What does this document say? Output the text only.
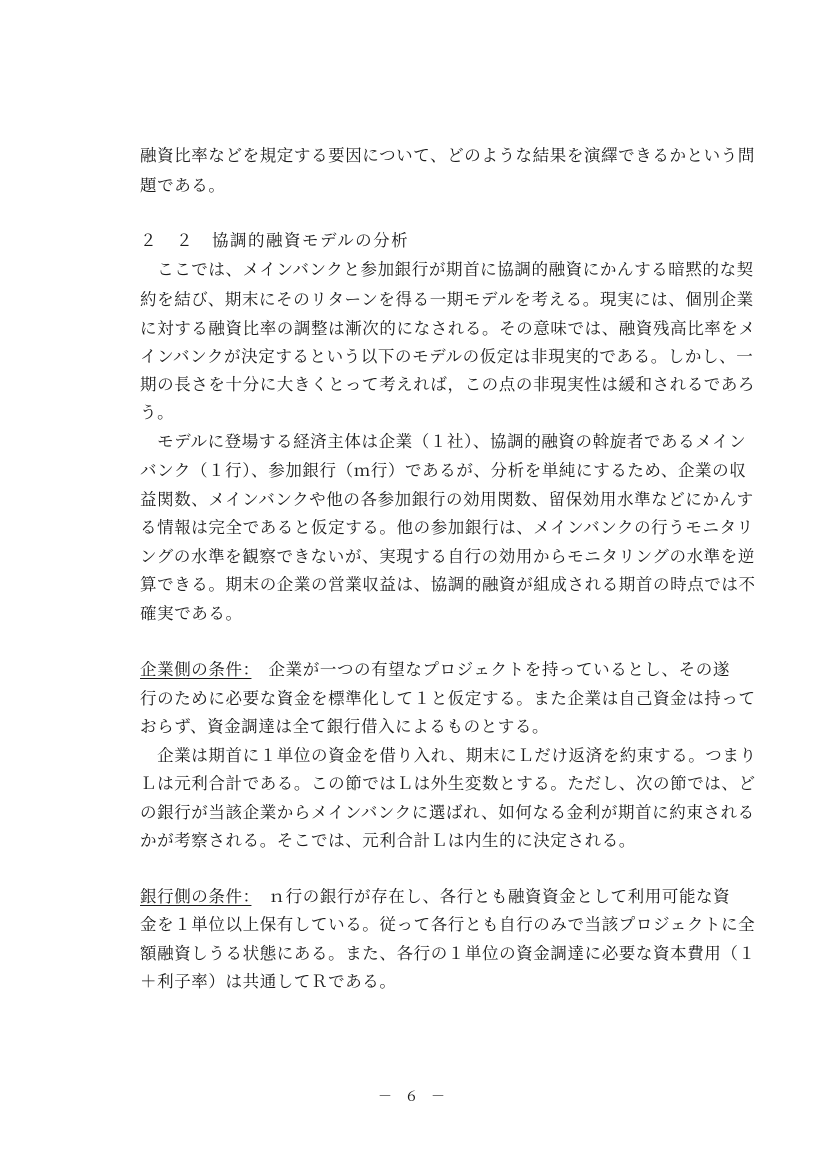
融資比率などを規定する要因について、どのような結果を演繹できるかという問
題である。
２　２　協調的融資モデルの分析
　ここでは、メインバンクと参加銀行が期首に協調的融資にかんする暗黙的な契
約を結び、期末にそのリターンを得る一期モデルを考える。現実には、個別企業
に対する融資比率の調整は漸次的になされる。その意味では、融資残高比率をメ
インバンクが決定するという以下のモデルの仮定は非現実的である。しかし、一
期の長さを十分に大きくとって考えれば，この点の非現実性は緩和されるであろ
う。
　モデルに登場する経済主体は企業（１社）、協調的融資の斡旋者であるメイン
バンク（１行）、参加銀行（ｍ行）であるが、分析を単純にするため、企業の収
益関数、メインバンクや他の各参加銀行の効用関数、留保効用水準などにかんす
る情報は完全であると仮定する。他の参加銀行は、メインバンクの行うモニタリ
ングの水準を観察できないが、実現する自行の効用からモニタリングの水準を逆
算できる。期末の企業の営業収益は、協調的融資が組成される期首の時点では不
確実である。
企業側の条件：　企業が一つの有望なプロジェクトを持っているとし、その遂
行のために必要な資金を標準化して１と仮定する。また企業は自己資金は持って
おらず、資金調達は全て銀行借入によるものとする。
　企業は期首に１単位の資金を借り入れ、期末にＬだけ返済を約束する。つまり
Ｌは元利合計である。この節ではＬは外生変数とする。ただし、次の節では、ど
の銀行が当該企業からメインバンクに選ばれ、如何なる金利が期首に約束される
かが考察される。そこでは、元利合計Ｌは内生的に決定される。
銀行側の条件：　ｎ行の銀行が存在し、各行とも融資資金として利用可能な資
金を１単位以上保有している。従って各行とも自行のみで当該プロジェクトに全
額融資しうる状態にある。また、各行の１単位の資金調達に必要な資本費用（１
＋利子率）は共通してＲである。
－ ６ －
